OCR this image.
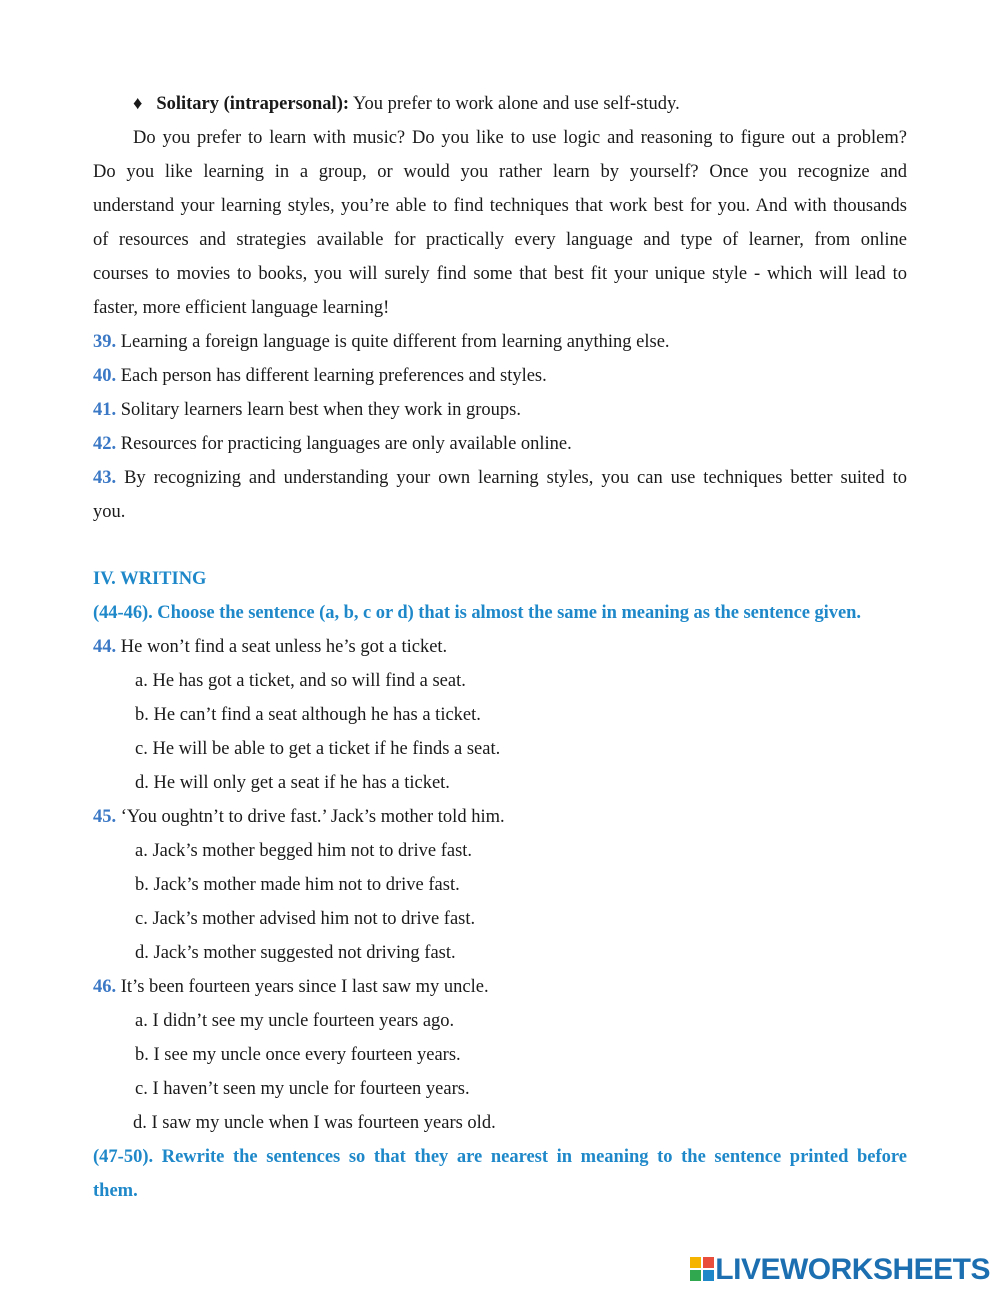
♦ Solitary (intrapersonal): You prefer to work alone and use self-study.
Do you prefer to learn with music? Do you like to use logic and reasoning to figure out a problem?
Do you like learning in a group, or would you rather learn by yourself? Once you recognize and
understand your learning styles, you’re able to find techniques that work best for you. And with thousands
of resources and strategies available for practically every language and type of learner, from online
courses to movies to books, you will surely find some that best fit your unique style - which will lead to
faster, more efficient language learning!
39. Learning a foreign language is quite different from learning anything else.
40. Each person has different learning preferences and styles.
41. Solitary learners learn best when they work in groups.
42. Resources for practicing languages are only available online.
43. By recognizing and understanding your own learning styles, you can use techniques better suited to
you.
IV. WRITING
(44-46). Choose the sentence (a, b, c or d) that is almost the same in meaning as the sentence given.
44. He won’t find a seat unless he’s got a ticket.
a. He has got a ticket, and so will find a seat.
b. He can’t find a seat although he has a ticket.
c. He will be able to get a ticket if he finds a seat.
d. He will only get a seat if he has a ticket.
45. ‘You oughtn’t to drive fast.’ Jack’s mother told him.
a. Jack’s mother begged him not to drive fast.
b. Jack’s mother made him not to drive fast.
c. Jack’s mother advised him not to drive fast.
d. Jack’s mother suggested not driving fast.
46. It’s been fourteen years since I last saw my uncle.
a. I didn’t see my uncle fourteen years ago.
b. I see my uncle once every fourteen years.
c. I haven’t seen my uncle for fourteen years.
d. I saw my uncle when I was fourteen years old.
(47-50). Rewrite the sentences so that they are nearest in meaning to the sentence printed before
them.
LIVEWORKSHEETS
